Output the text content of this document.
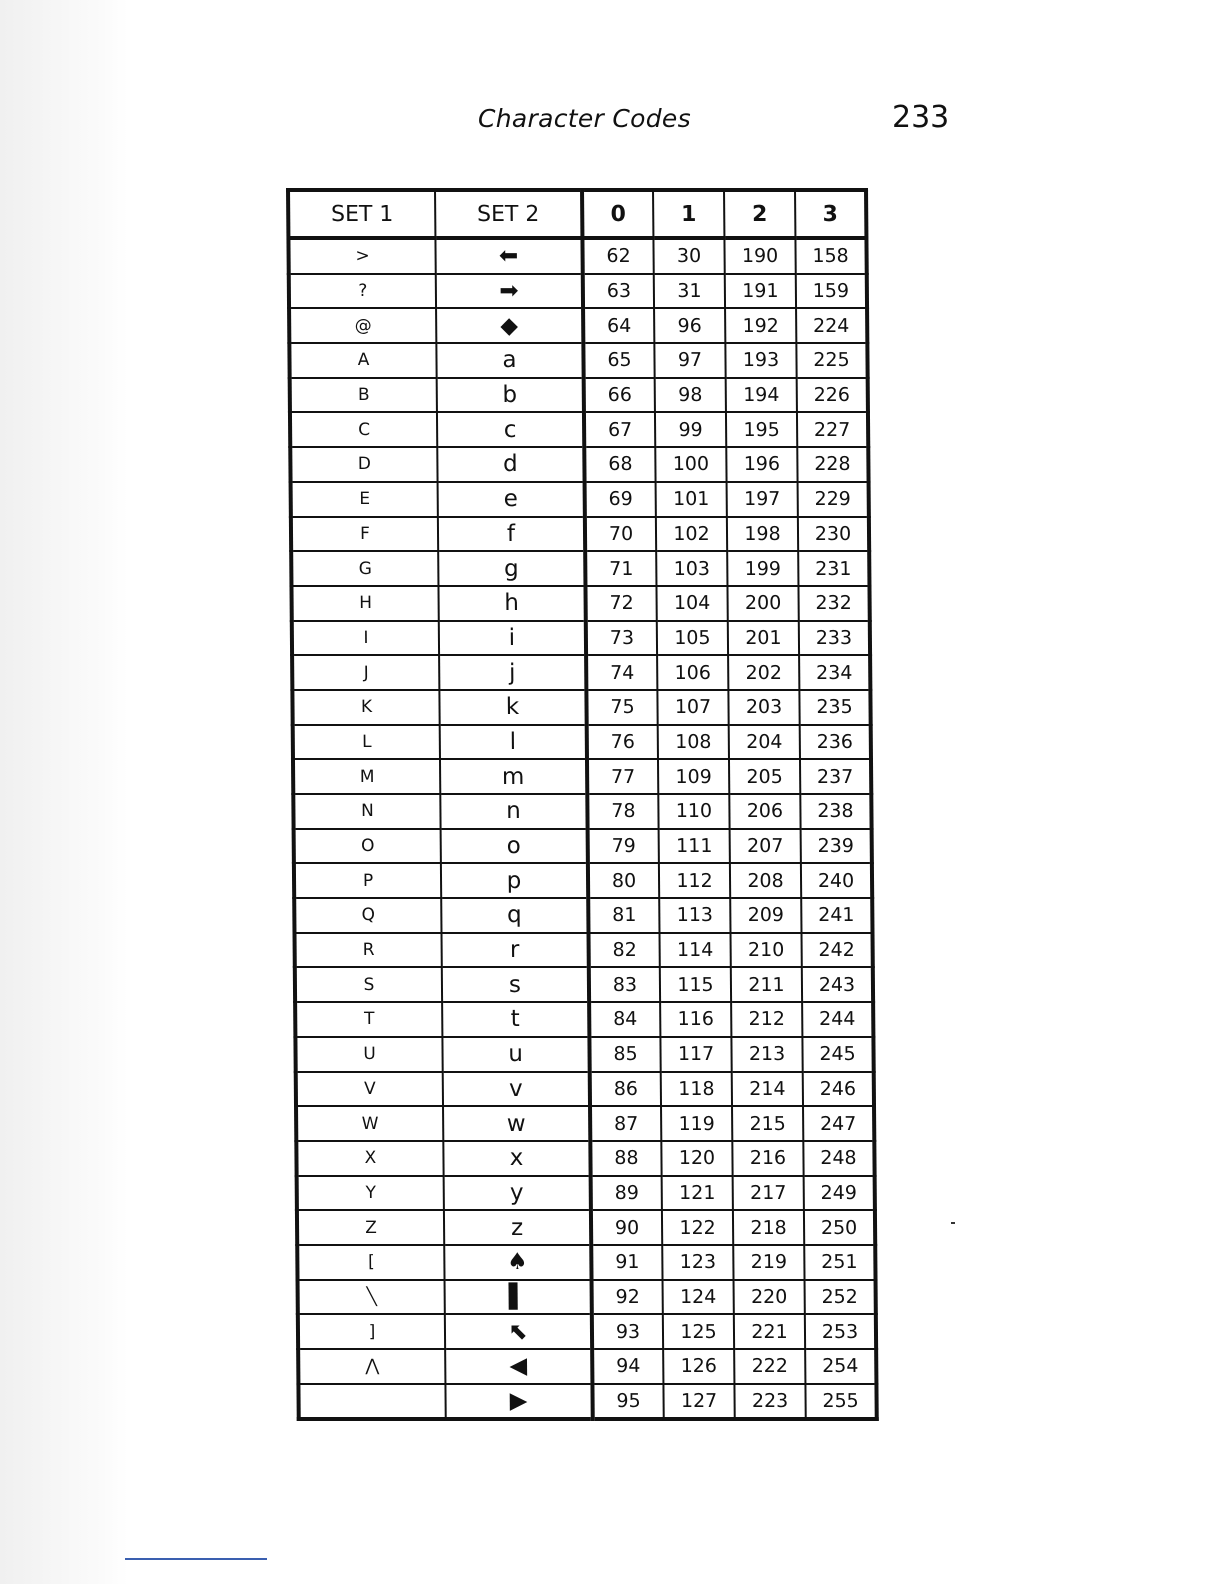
Character Codes	233
SET 1	SET 2	0	1	2	3
>	⬅	62	30	190	158
?	➡	63	31	191	159
@	◆	64	96	192	224
A	a	65	97	193	225
B	b	66	98	194	226
C	c	67	99	195	227
D	d	68	100	196	228
E	e	69	101	197	229
F	f	70	102	198	230
G	g	71	103	199	231
H	h	72	104	200	232
I	i	73	105	201	233
J	j	74	106	202	234
K	k	75	107	203	235
L	l	76	108	204	236
M	m	77	109	205	237
N	n	78	110	206	238
O	o	79	111	207	239
P	p	80	112	208	240
Q	q	81	113	209	241
R	r	82	114	210	242
S	s	83	115	211	243
T	t	84	116	212	244
U	u	85	117	213	245
V	v	86	118	214	246
W	w	87	119	215	247
X	x	88	120	216	248
Y	y	89	121	217	249
Z	z	90	122	218	250
[	♠	91	123	219	251
╲	▌	92	124	220	252
]	⬉	93	125	221	253
⋀	◀	94	126	222	254
	▶	95	127	223	255
